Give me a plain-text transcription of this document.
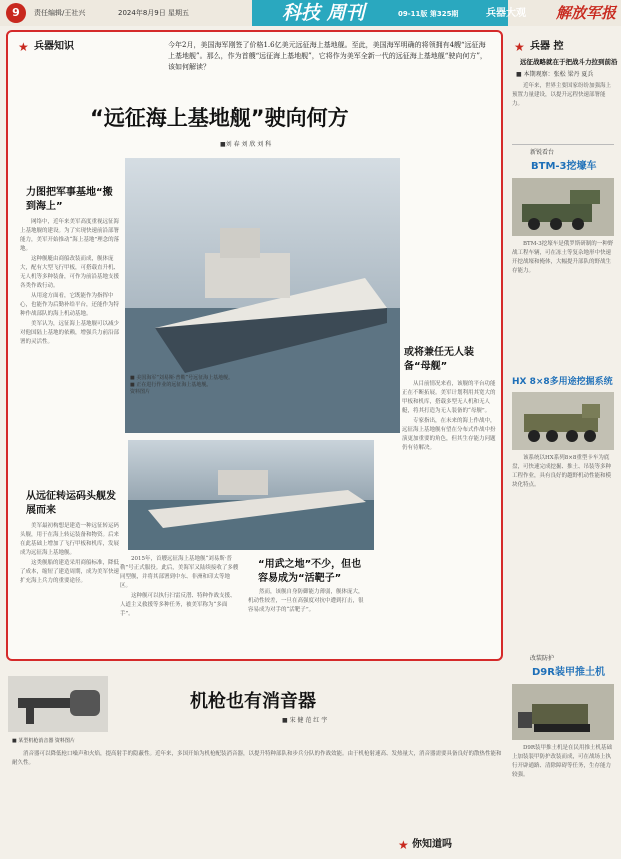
9	责任编辑/王社兴	2024年8月9日 星期五	科技 周刊	09-11版 第325期	兵器大观 解放军报
★ 兵器知识	今年2月，美国海军刚签了价格1.6亿美元远征海上基地舰。至此，美国海军明确的将领拥有4艘“远征海上基地舰”。那么，作为首艘“远征海上基地舰”，它将作为美军全新一代的远征海上基地舰“驶向何方”，该如何解读？
“远征海上基地舰”驶向何方
■刘 春 刘 欣 刘 科
力图把军事基地“搬到海上”

网络中，近年来美军高度重视远征海上基地舰的建设。为了实现快速前沿部署能力，美军开始推动“海上基地”理念的落地。

这种舰艇由商船改装而成，舰体庞大，配有大型飞行甲板，可搭载直升机、无人机等多种装备，可作为前沿基地支援各类作战行动。

从用途方面看，它既能作为指挥中心，也能作为后勤补给平台，还能作为特种作战部队的海上机动基地。

美军认为，远征海上基地舰可以减少对他国陆上基地的依赖，增强兵力前沿部署的灵活性。

从远征转运码头舰发展而来

美军最初构想是建造一种远征转运码头舰，用于在海上转运装备和物资。后来在此基础上增加了飞行甲板和机库，发展成为远征海上基地舰。

这类舰船的建造采用商船标准，降低了成本，缩短了建造周期，成为美军快速扩充海上兵力的重要途径。

■ 美国海军“刘易斯·普勒”号远征海上基地舰。
■ 正在进行作业的远征海上基地舰。
资料图片

2015年，首艘远征海上基地舰“刘易斯·普勒”号正式服役。此后，美海军又陆续接收了多艘同型舰，并将其部署到中东、非洲和印太等地区。

这种舰可以执行扫雷反潜、特种作战支援、人道主义救援等多种任务，被美军称为“多面手”。

“用武之地”不少，但也容易成为“活靶子”

然而，该舰自身防御能力薄弱，舰体庞大，机动性较差，一旦在高强度对抗中遭到打击，很容易成为对手的“活靶子”。

或将兼任无人装备“母舰”

从目前情况来看，该舰的平台功能正在不断拓展。美军计划利用其宽大的甲板和机库，搭载多型无人机和无人艇，将其打造为无人装备的“母舰”。

专家指出，在未来的海上作战中，远征海上基地舰有望在分布式作战中扮演更加重要的角色，但其生存能力问题仍有待解决。

机枪也有消音器
■ 宋 健 范 红 宇
■ 某型机枪消音器 资料图片

消音器可以降低枪口噪声和火焰，提高射手的隐蔽性。近年来，多国开始为机枪配装消音器，以提升特种部队和步兵分队的作战效能。由于机枪射速高、发热量大，消音器需要具备良好的散热性能和耐久性。

★ 兵器 控
远征战略就在于把战斗力拉到前沿
■ 本期观察：张松 梁丹 夏兵

近年来，世界主要国家纷纷加强海上预置力量建设，以提升远程快速部署能力。

新锐看台
BTM-3挖壕车

BTM-3挖壕车是俄罗斯研制的一种野战工程车辆，可在冻土等复杂地形中快速开挖战壕和掩体，大幅提升部队的野战生存能力。

HX 8×8多用途挖掘系统

该系统以HX系列8×8重型卡车为底盘，可快速完成挖掘、推土、吊装等多种工程作业，具有良好的越野机动性能和模块化特点。

改装防护
D9R装甲推土机

D9R装甲推土机是在民用推土机基础上加装装甲防护改装而成，可在战场上执行开辟通路、清除障碍等任务，生存能力较强。

★ 你知道吗
